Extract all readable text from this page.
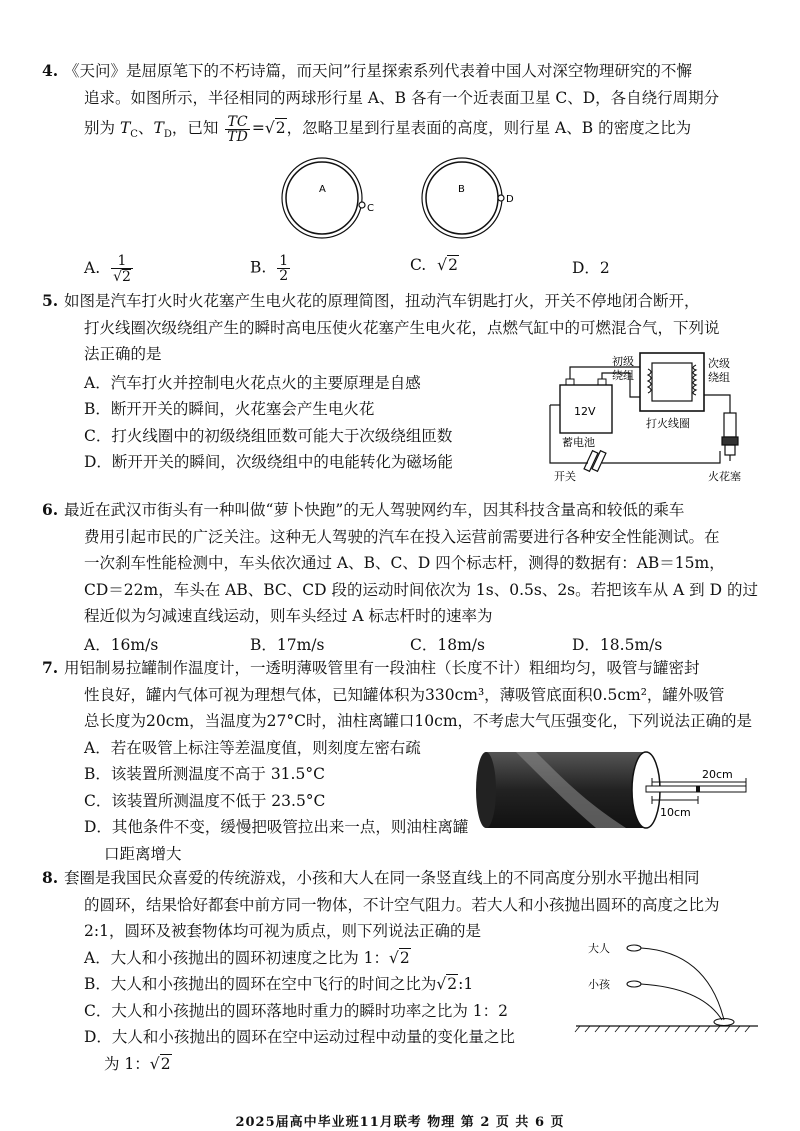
4. 《天问》是屈原笔下的不朽诗篇，而天问”行星探索系列代表着中国人对深空物理研究的不懈
追求。如图所示，半径相同的两球形行星 A、B 各有一个近表面卫星 C、D，各自绕行周期分
别为 $T_C$、$T_D$，已知 $\frac{TC}{TD} =√2$，忽略卫星到行星表面的高度，则行星 A、B 的密度之比为
A
C
B
D
A. $\frac{1}{√2}$	B. $\frac{1}{2}$	C. √2	D．2
5. 如图是汽车打火时火花塞产生电火花的原理简图，扭动汽车钥匙打火，开关不停地闭合断开，
打火线圈次级绕组产生的瞬时高电压使火花塞产生电火花，点燃气缸中的可燃混合气，下列说
法正确的是
A．汽车打火并控制电火花点火的主要原理是自感
B．断开开关的瞬间，火花塞会产生电火花
C．打火线圈中的初级绕组匝数可能大于次级绕组匝数
D．断开开关的瞬间，次级绕组中的电能转化为磁场能
12V
蓄电池
初级
绕组
次级
绕组
打火线圈
开关	火花塞
6. 最近在武汉市街头有一种叫做“萝卜快跑”的无人驾驶网约车，因其科技含量高和较低的乘车
费用引起市民的广泛关注。这种无人驾驶的汽车在投入运营前需要进行各种安全性能测试。在
一次刹车性能检测中，车头依次通过 A、B、C、D 四个标志杆，测得的数据有：AB＝15m，
CD＝22m，车头在 AB、BC、CD 段的运动时间依次为 1s、0.5s、2s。若把该车从 A 到 D 的过
程近似为匀减速直线运动，则车头经过 A 标志杆时的速率为
A．16m/s	B．17m/s	C．18m/s	D．18.5m/s
7. 用铝制易拉罐制作温度计，一透明薄吸管里有一段油柱（长度不计）粗细均匀，吸管与罐密封
性良好，罐内气体可视为理想气体，已知罐体积为330cm³，薄吸管底面积0.5cm²，罐外吸管
总长度为20cm，当温度为27°C时，油柱离罐口10cm，不考虑大气压强变化，下列说法正确的是
A．若在吸管上标注等差温度值，则刻度左密右疏
B．该装置所测温度不高于 31.5°C
C．该装置所测温度不低于 23.5°C
D．其他条件不变，缓慢把吸管拉出来一点，则油柱离罐
口距离增大
20cm
10cm
8. 套圈是我国民众喜爱的传统游戏，小孩和大人在同一条竖直线上的不同高度分别水平抛出相同
的圆环，结果恰好都套中前方同一物体，不计空气阻力。若大人和小孩抛出圆环的高度之比为
2:1，圆环及被套物体均可视为质点，则下列说法正确的是
A．大人和小孩抛出的圆环初速度之比为 1：√2
B．大人和小孩抛出的圆环在空中飞行的时间之比为√2:1
C．大人和小孩抛出的圆环落地时重力的瞬时功率之比为 1：2
D．大人和小孩抛出的圆环在空中运动过程中动量的变化量之比
为 1：√2
大人
小孩
2025届高中毕业班11月联考 物理 第 2 页 共 6 页
